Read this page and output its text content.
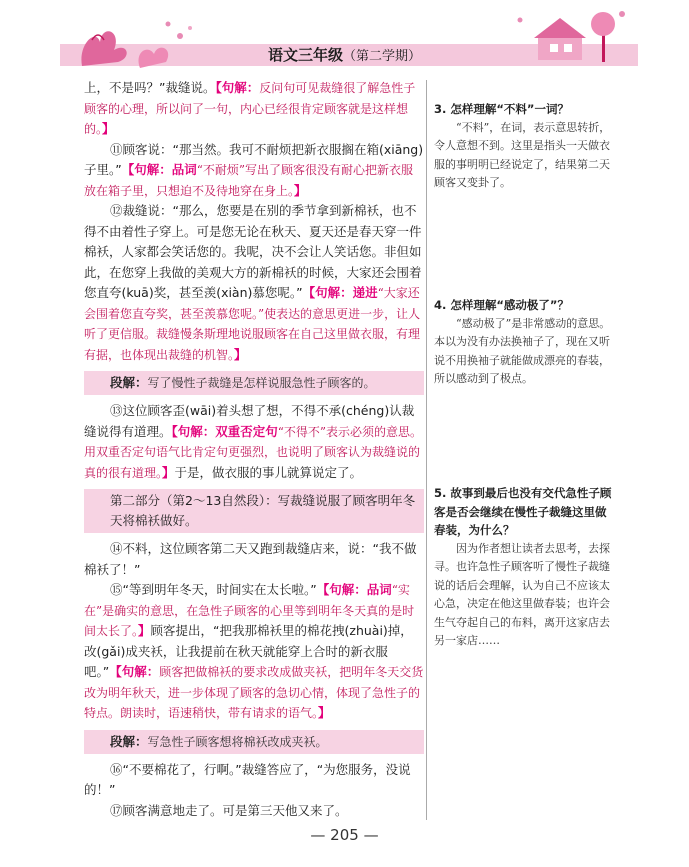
语文三年级（第二学期）

上，不是吗？”裁缝说。【句解：反问句可见裁缝很了解急性子顾客的心理，所以问了一句，内心已经很肯定顾客就是这样想的。】

⑪顾客说：“那当然。我可不耐烦把新衣服搁在箱(xiāng)子里。”【句解：品词“不耐烦”写出了顾客很没有耐心把新衣服放在箱子里，只想迫不及待地穿在身上。】

⑫裁缝说：“那么，您要是在别的季节拿到新棉袄，也不得不由着性子穿上。可是您无论在秋天、夏天还是春天穿一件棉袄，人家都会笑话您的。我呢，决不会让人笑话您。非但如此，在您穿上我做的美观大方的新棉袄的时候，大家还会围着您直夸(kuā)奖，甚至羡(xiàn)慕您呢。”【句解：递进“大家还会围着您直夸奖，甚至羡慕您呢。”使表达的意思更进一步，让人听了更信服。裁缝慢条斯理地说服顾客在自己这里做衣服，有理有据，也体现出裁缝的机智。】

段解：写了慢性子裁缝是怎样说服急性子顾客的。

⑬这位顾客歪(wāi)着头想了想，不得不承(chéng)认裁缝说得有道理。【句解：双重否定句“不得不”表示必须的意思。用双重否定句语气比肯定句更强烈，也说明了顾客认为裁缝说的真的很有道理。】于是，做衣服的事儿就算说定了。

第二部分（第2～13自然段）：写裁缝说服了顾客明年冬天将棉袄做好。

⑭不料，这位顾客第二天又跑到裁缝店来，说：“我不做棉袄了！”

⑮“等到明年冬天，时间实在太长啦。”【句解：品词“实在”是确实的意思，在急性子顾客的心里等到明年冬天真的是时间太长了。】顾客提出，“把我那棉袄里的棉花拽(zhuài)掉，改(gǎi)成夹袄，让我提前在秋天就能穿上合时的新衣服吧。”【句解：顾客把做棉袄的要求改成做夹袄，把明年冬天交货改为明年秋天，进一步体现了顾客的急切心情，体现了急性子的特点。朗读时，语速稍快，带有请求的语气。】

段解：写急性子顾客想将棉袄改成夹袄。

⑯“不要棉花了，行啊。”裁缝答应了，“为您服务，没说的！”

⑰顾客满意地走了。可是第三天他又来了。

3. 怎样理解“不料”一词？

“不料”，在词，表示意思转折，令人意想不到。这里是指头一天做衣服的事明明已经说定了，结果第二天顾客又变卦了。

4. 怎样理解“感动极了”？

“感动极了”是非常感动的意思。本以为没有办法换袖子了，现在又听说不用换袖子就能做成漂亮的春装，所以感动到了极点。

5. 故事到最后也没有交代急性子顾客是否会继续在慢性子裁缝这里做春装，为什么？

因为作者想让读者去思考，去探寻。也许急性子顾客听了慢性子裁缝说的话后会理解，认为自己不应该太心急，决定在他这里做春装；也许会生气夺起自己的布料，离开这家店去另一家店……

— 205 —
